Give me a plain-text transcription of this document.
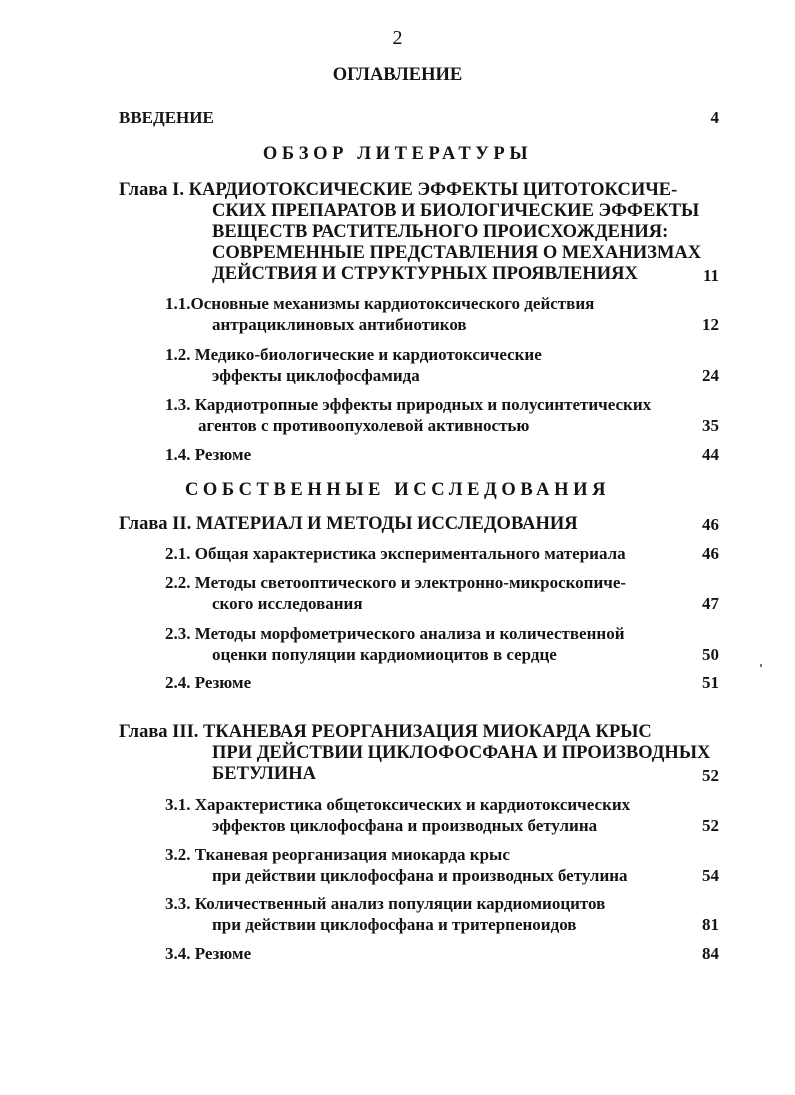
2
ОГЛАВЛЕНИЕ
ВВЕДЕНИЕ	4
ОБЗОР ЛИТЕРАТУРЫ
Глава I. КАРДИОТОКСИЧЕСКИЕ ЭФФЕКТЫ ЦИТОТОКСИЧЕ-
СКИХ ПРЕПАРАТОВ И БИОЛОГИЧЕСКИЕ ЭФФЕКТЫ
ВЕЩЕСТВ РАСТИТЕЛЬНОГО ПРОИСХОЖДЕНИЯ:
СОВРЕМЕННЫЕ ПРЕДСТАВЛЕНИЯ О МЕХАНИЗМАХ
ДЕЙСТВИЯ И СТРУКТУРНЫХ ПРОЯВЛЕНИЯХ	11
1.1.Основные механизмы кардиотоксического действия
антрациклиновых антибиотиков	12
1.2. Медико-биологические и кардиотоксические
эффекты циклофосфамида	24
1.3. Кардиотропные эффекты природных и полусинтетических
агентов с противоопухолевой активностью	35
1.4. Резюме	44
СОБСТВЕННЫЕ ИССЛЕДОВАНИЯ
Глава II. МАТЕРИАЛ И МЕТОДЫ ИССЛЕДОВАНИЯ	46
2.1. Общая характеристика экспериментального материала	46
2.2. Методы светооптического и электронно-микроскопиче-
ского исследования	47
2.3. Методы морфометрического анализа и количественной
оценки популяции кардиомиоцитов в сердце	50
2.4. Резюме	51
Глава III. ТКАНЕВАЯ РЕОРГАНИЗАЦИЯ МИОКАРДА КРЫС
ПРИ ДЕЙСТВИИ ЦИКЛОФОСФАНА И ПРОИЗВОДНЫХ
БЕТУЛИНА	52
3.1. Характеристика общетоксических и кардиотоксических
эффектов циклофосфана и производных бетулина	52
3.2. Тканевая реорганизация миокарда крыс
при действии циклофосфана и производных бетулина	54
3.3. Количественный анализ популяции кардиомиоцитов
при действии циклофосфана и тритерпеноидов	81
3.4. Резюме	84
